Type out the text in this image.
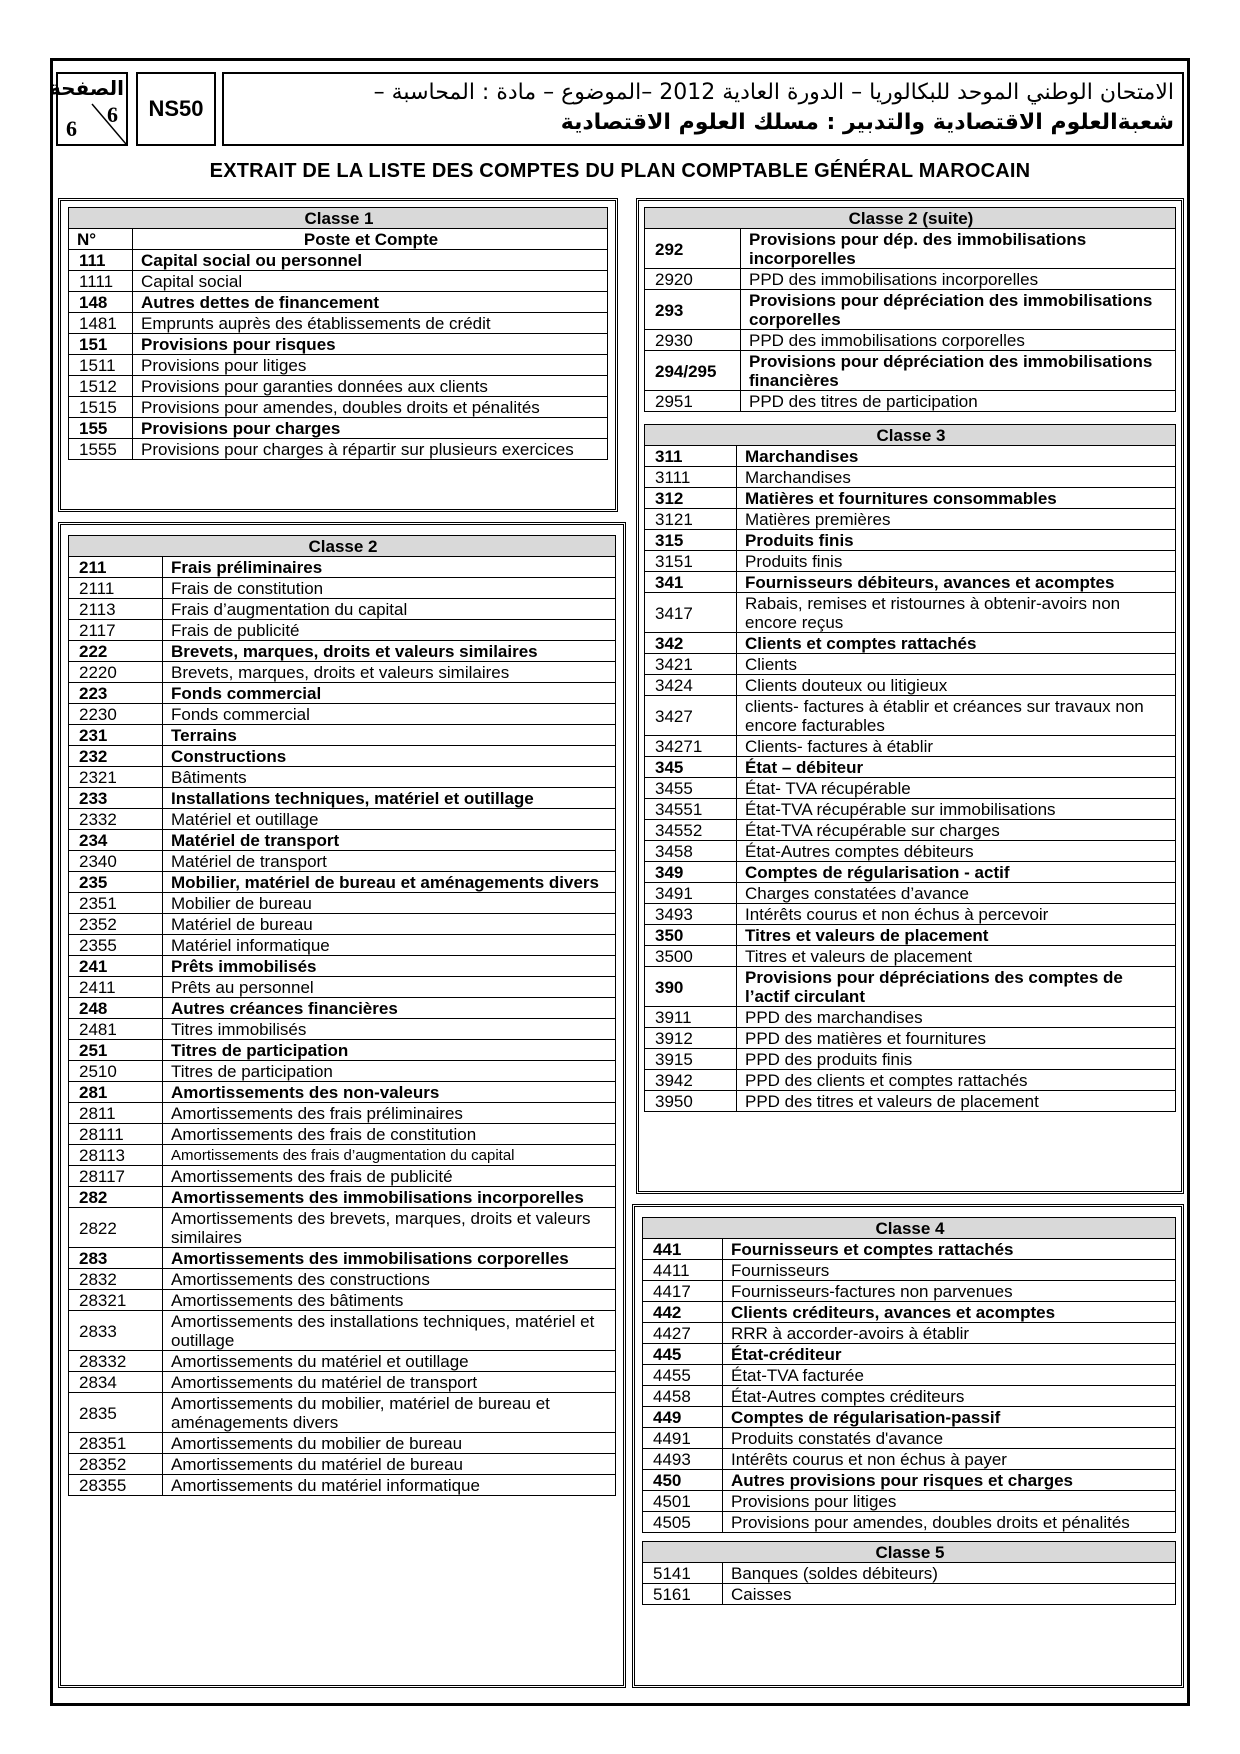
الصفحة
6
6
NS50
الامتحان الوطني الموحد للبكالوريا – الدورة العادية 2012 –الموضوع – مادة : المحاسبة –
شعبةالعلوم الاقتصادية والتدبير : مسلك العلوم الاقتصادية
EXTRAIT DE LA LISTE DES COMPTES DU PLAN COMPTABLE GÉNÉRAL MAROCAIN
Classe 1	
N°	Poste et Compte
111	Capital social ou personnel
1111	Capital social
148	Autres dettes de financement
1481	Emprunts auprès des établissements de crédit
151	Provisions pour risques
1511	Provisions pour litiges
1512	Provisions pour garanties données aux clients
1515	Provisions pour amendes, doubles droits et pénalités
155	Provisions pour charges
1555	Provisions pour charges à répartir sur plusieurs exercices
Classe 2	
211	Frais préliminaires
2111	Frais de constitution
2113	Frais d’augmentation du capital
2117	Frais de publicité
222	Brevets, marques, droits et valeurs similaires
2220	Brevets, marques, droits et valeurs similaires
223	Fonds commercial
2230	Fonds commercial
231	Terrains
232	Constructions
2321	Bâtiments
233	Installations techniques, matériel et outillage
2332	Matériel et outillage
234	Matériel de transport
2340	Matériel de transport
235	Mobilier, matériel de bureau et aménagements divers
2351	Mobilier de bureau
2352	Matériel de bureau
2355	Matériel informatique
241	Prêts immobilisés
2411	Prêts au personnel
248	Autres créances financières
2481	Titres immobilisés
251	Titres de participation
2510	Titres de participation
281	Amortissements des non-valeurs
2811	Amortissements des frais préliminaires
28111	Amortissements des frais de constitution
28113	Amortissements des frais d’augmentation du capital
28117	Amortissements des frais de publicité
282	Amortissements des immobilisations incorporelles
2822	Amortissements des brevets, marques, droits et valeurs similaires
283	Amortissements des immobilisations corporelles
2832	Amortissements des constructions
28321	Amortissements des bâtiments
2833	Amortissements des installations techniques, matériel et outillage
28332	Amortissements du matériel et outillage
2834	Amortissements du matériel de transport
2835	Amortissements du mobilier, matériel de bureau et aménagements divers
28351	Amortissements du mobilier de bureau
28352	Amortissements du matériel de bureau
28355	Amortissements du matériel informatique
Classe 2 (suite)	
292	Provisions pour dép. des immobilisations incorporelles
2920	PPD des immobilisations incorporelles
293	Provisions pour dépréciation des immobilisations corporelles
2930	PPD des immobilisations corporelles
294/295	Provisions pour dépréciation des immobilisations financières
2951	PPD des titres de participation
Classe 3	
311	Marchandises
3111	Marchandises
312	Matières et fournitures consommables
3121	Matières premières
315	Produits finis
3151	Produits finis
341	Fournisseurs débiteurs, avances et acomptes
3417	Rabais, remises et ristournes à obtenir-avoirs non encore reçus
342	Clients et comptes rattachés
3421	Clients
3424	Clients douteux ou litigieux
3427	clients- factures à établir et créances sur travaux non encore facturables
34271	Clients- factures à établir
345	État – débiteur
3455	État- TVA récupérable
34551	État-TVA récupérable sur immobilisations
34552	État-TVA récupérable sur charges
3458	État-Autres comptes débiteurs
349	Comptes de régularisation - actif
3491	Charges constatées d’avance
3493	Intérêts courus et non échus à percevoir
350	Titres et valeurs de placement
3500	Titres et valeurs de placement
390	Provisions pour dépréciations des comptes de l’actif circulant
3911	PPD des marchandises
3912	PPD des matières et fournitures
3915	PPD des produits finis
3942	PPD des clients et comptes rattachés
3950	PPD des titres et valeurs de placement
Classe 4	
441	Fournisseurs et comptes rattachés
4411	Fournisseurs
4417	Fournisseurs-factures non parvenues
442	Clients créditeurs, avances et acomptes
4427	RRR à accorder-avoirs à établir
445	État-créditeur
4455	État-TVA facturée
4458	État-Autres comptes créditeurs
449	Comptes de régularisation-passif
4491	Produits constatés d'avance
4493	Intérêts courus et non échus à payer
450	Autres provisions pour risques et charges
4501	Provisions pour litiges
4505	Provisions pour amendes, doubles droits et pénalités
Classe 5	
5141	Banques (soldes débiteurs)
5161	Caisses
